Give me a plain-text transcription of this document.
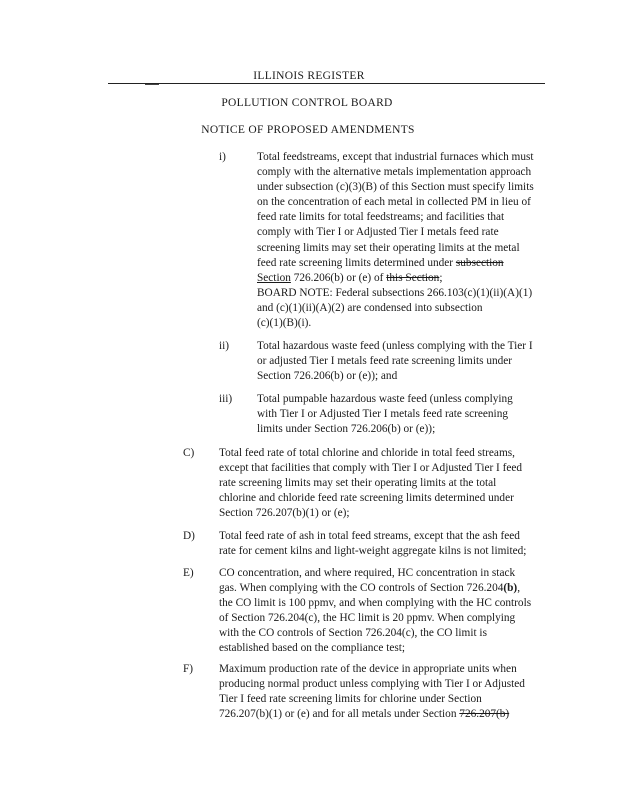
ILLINOIS REGISTER
POLLUTION CONTROL BOARD
NOTICE OF PROPOSED AMENDMENTS
i)	Total feedstreams, except that industrial furnaces which must
comply with the alternative metals implementation approach
under subsection (c)(3)(B) of this Section must specify limits
on the concentration of each metal in collected PM in lieu of
feed rate limits for total feedstreams; and facilities that
comply with Tier I or Adjusted Tier I metals feed rate
screening limits may set their operating limits at the metal
feed rate screening limits determined under subsection
Section 726.206(b) or (e) of this Section;
BOARD NOTE: Federal subsections 266.103(c)(1)(ii)(A)(1)
and (c)(1)(ii)(A)(2) are condensed into subsection
(c)(1)(B)(i).
ii) Total hazardous waste feed (unless complying with the Tier I
or adjusted Tier I metals feed rate screening limits under
Section 726.206(b) or (e)); and
iii) Total pumpable hazardous waste feed (unless complying
with Tier I or Adjusted Tier I metals feed rate screening
limits under Section 726.206(b) or (e));
C) Total feed rate of total chlorine and chloride in total feed streams,
except that facilities that comply with Tier I or Adjusted Tier I feed
rate screening limits may set their operating limits at the total
chlorine and chloride feed rate screening limits determined under
Section 726.207(b)(1) or (e);
D) Total feed rate of ash in total feed streams, except that the ash feed
rate for cement kilns and light-weight aggregate kilns is not limited;
E) CO concentration, and where required, HC concentration in stack
gas. When complying with the CO controls of Section 726.204(b),
the CO limit is 100 ppmv, and when complying with the HC controls
of Section 726.204(c), the HC limit is 20 ppmv. When complying
with the CO controls of Section 726.204(c), the CO limit is
established based on the compliance test;
F) Maximum production rate of the device in appropriate units when
producing normal product unless complying with Tier I or Adjusted
Tier I feed rate screening limits for chlorine under Section
726.207(b)(1) or (e) and for all metals under Section 726.207(b)
